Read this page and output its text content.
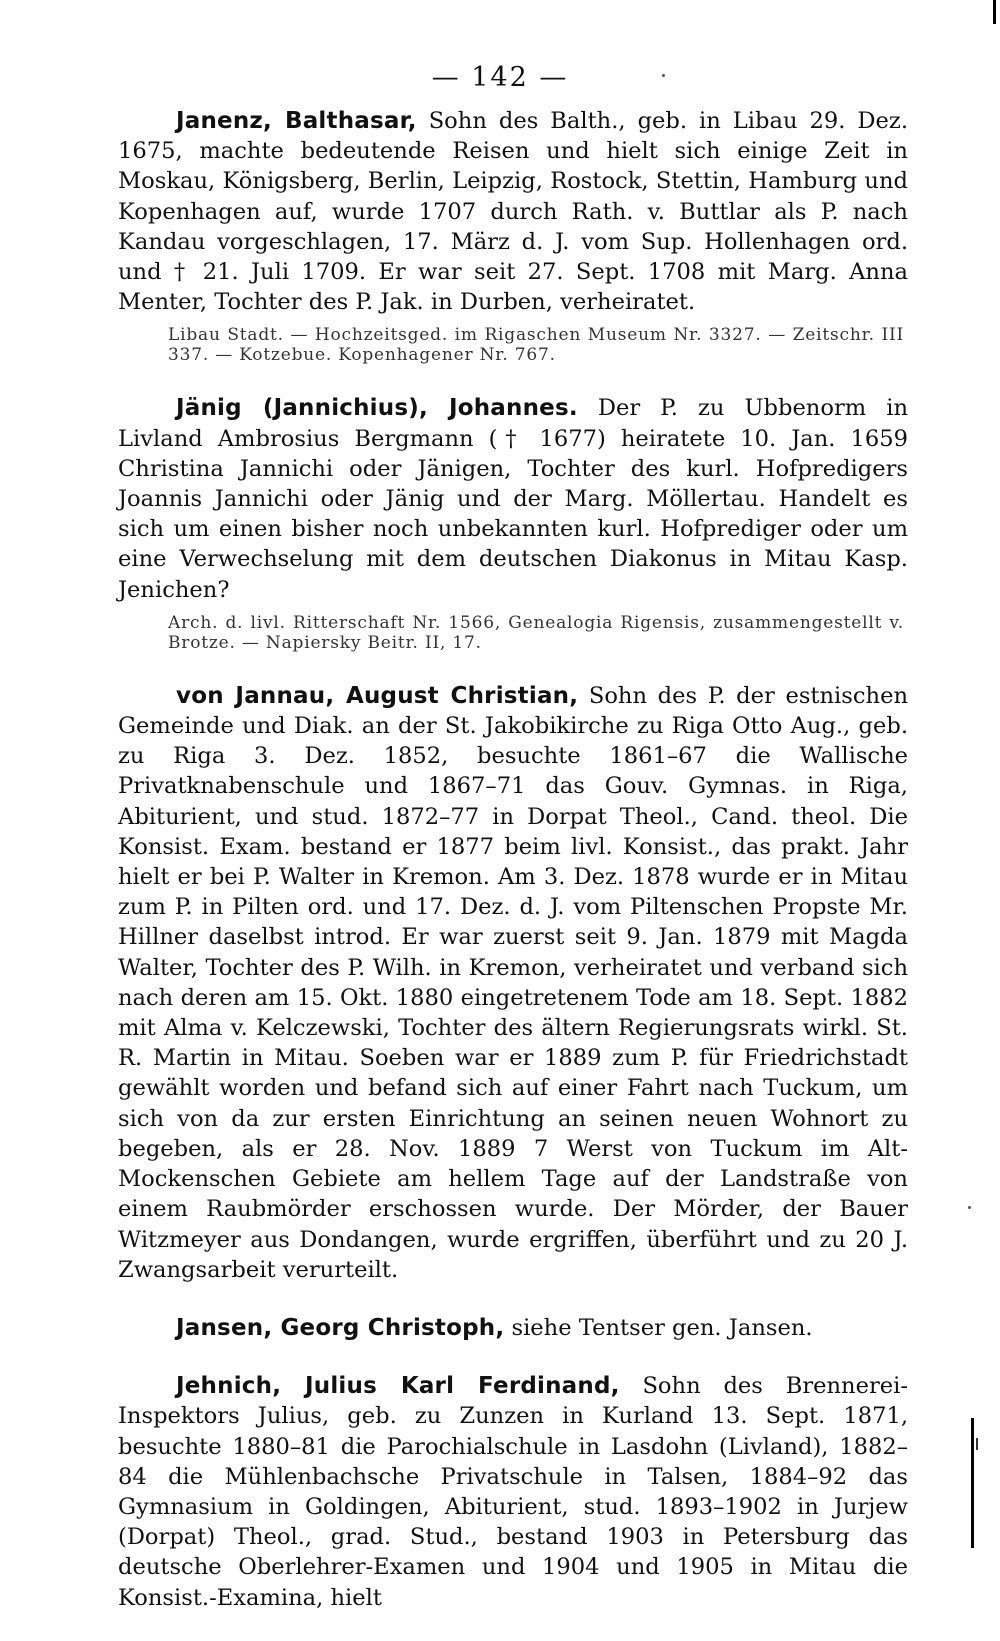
— 142 —

Janenz, Balthasar, Sohn des Balth., geb. in Libau 29. Dez. 1675, machte bedeutende Reisen und hielt sich einige Zeit in Moskau, Königsberg, Berlin, Leipzig, Rostock, Stettin, Hamburg und Kopenhagen auf, wurde 1707 durch Rath. v. Buttlar als P. nach Kandau vorgeschlagen, 17. März d. J. vom Sup. Hollenhagen ord. und † 21. Juli 1709. Er war seit 27. Sept. 1708 mit Marg. Anna Menter, Tochter des P. Jak. in Durben, verheiratet.

Libau Stadt. — Hochzeitsged. im Rigaschen Museum Nr. 3327. — Zeitschr. III 337. — Kotzebue. Kopenhagener Nr. 767.

Jänig (Jannichius), Johannes. Der P. zu Ubbenorm in Livland Ambrosius Bergmann († 1677) heiratete 10. Jan. 1659 Christina Jannichi oder Jänigen, Tochter des kurl. Hofpredigers Joannis Jannichi oder Jänig und der Marg. Möllertau. Handelt es sich um einen bisher noch unbekannten kurl. Hofprediger oder um eine Verwechselung mit dem deutschen Diakonus in Mitau Kasp. Jenichen?

Arch. d. livl. Ritterschaft Nr. 1566, Genealogia Rigensis, zusammengestellt v. Brotze. — Napiersky Beitr. II, 17.

von Jannau, August Christian, Sohn des P. der estnischen Gemeinde und Diak. an der St. Jakobikirche zu Riga Otto Aug., geb. zu Riga 3. Dez. 1852, besuchte 1861–67 die Wallische Privatknabenschule und 1867–71 das Gouv. Gymnas. in Riga, Abiturient, und stud. 1872–77 in Dorpat Theol., Cand. theol. Die Konsist. Exam. bestand er 1877 beim livl. Konsist., das prakt. Jahr hielt er bei P. Walter in Kremon. Am 3. Dez. 1878 wurde er in Mitau zum P. in Pilten ord. und 17. Dez. d. J. vom Piltenschen Propste Mr. Hillner daselbst introd. Er war zuerst seit 9. Jan. 1879 mit Magda Walter, Tochter des P. Wilh. in Kremon, verheiratet und verband sich nach deren am 15. Okt. 1880 eingetretenem Tode am 18. Sept. 1882 mit Alma v. Kelczewski, Tochter des ältern Regierungsrats wirkl. St. R. Martin in Mitau. Soeben war er 1889 zum P. für Friedrichstadt gewählt worden und befand sich auf einer Fahrt nach Tuckum, um sich von da zur ersten Einrichtung an seinen neuen Wohnort zu begeben, als er 28. Nov. 1889 7 Werst von Tuckum im Alt-Mockenschen Gebiete am hellem Tage auf der Landstraße von einem Raubmörder erschossen wurde. Der Mörder, der Bauer Witzmeyer aus Dondangen, wurde ergriffen, überführt und zu 20 J. Zwangsarbeit verurteilt.

Jansen, Georg Christoph, siehe Tentser gen. Jansen.

Jehnich, Julius Karl Ferdinand, Sohn des Brennerei-Inspektors Julius, geb. zu Zunzen in Kurland 13. Sept. 1871, besuchte 1880–81 die Parochialschule in Lasdohn (Livland), 1882–84 die Mühlenbachsche Privatschule in Talsen, 1884–92 das Gymnasium in Goldingen, Abiturient, stud. 1893–1902 in Jurjew (Dorpat) Theol., grad. Stud., bestand 1903 in Petersburg das deutsche Oberlehrer-Examen und 1904 und 1905 in Mitau die Konsist.-Examina, hielt
